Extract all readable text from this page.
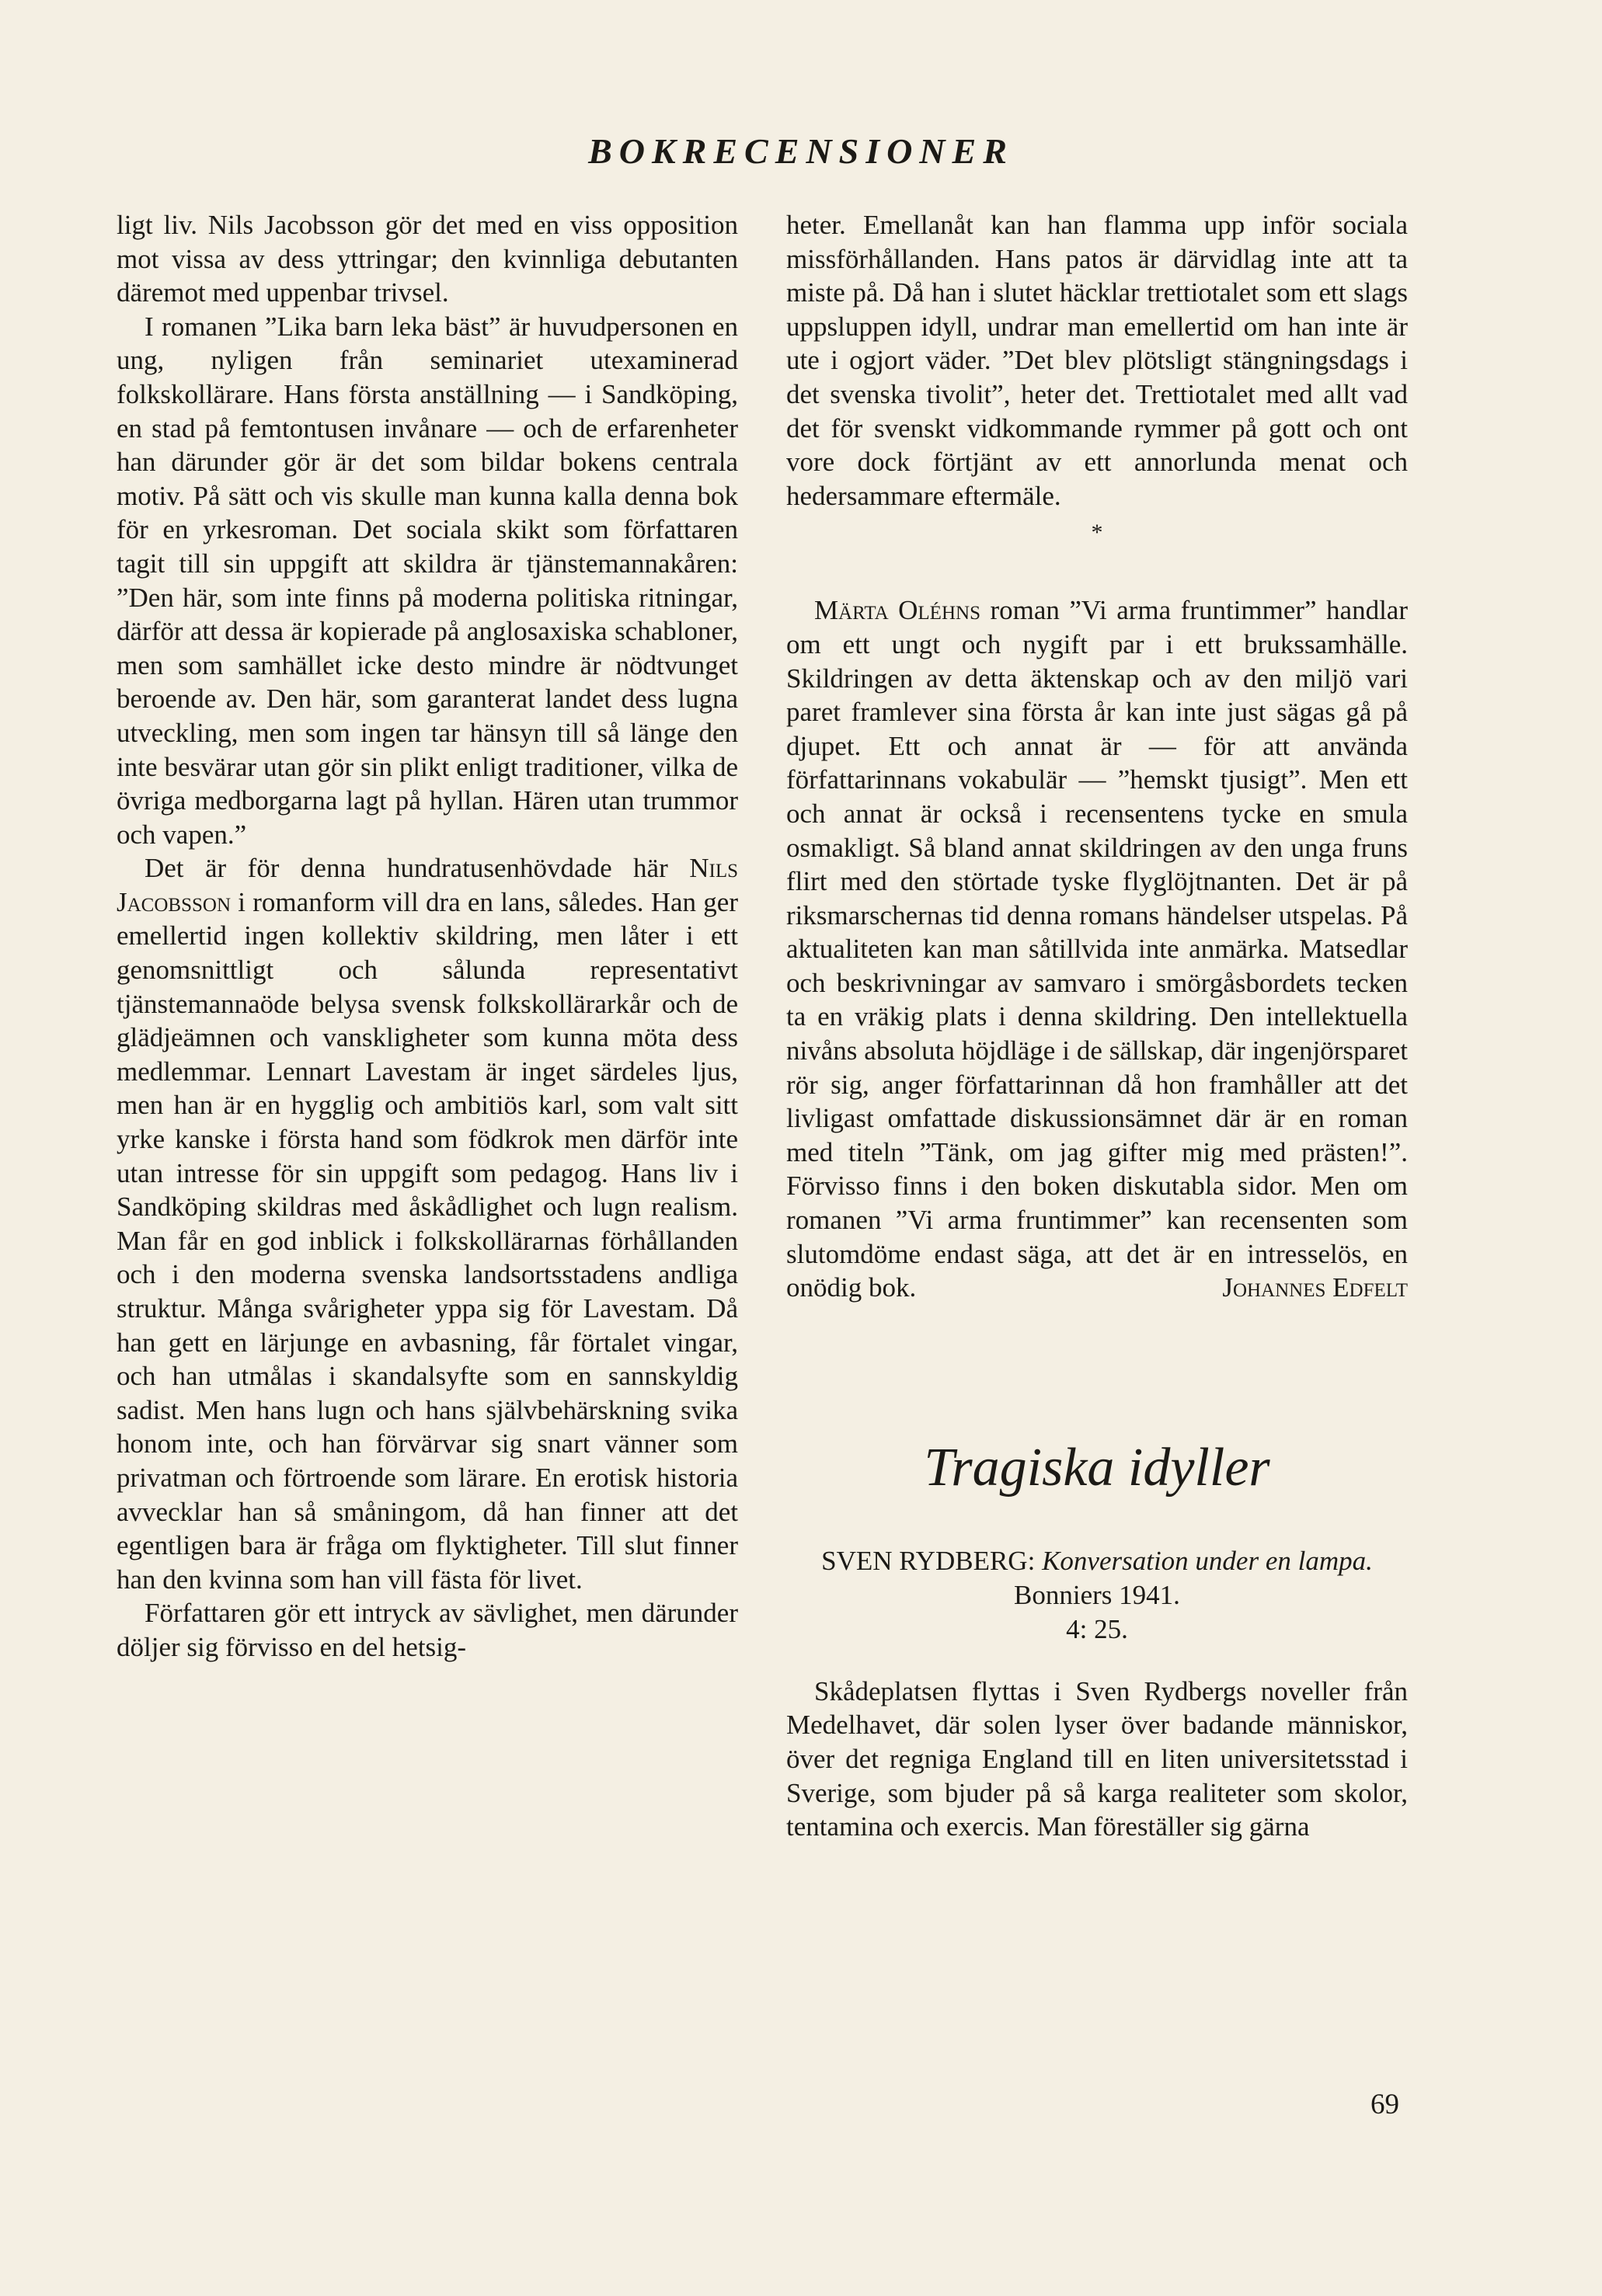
BOKRECENSIONER

ligt liv. Nils Jacobsson gör det med en viss opposition mot vissa av dess yttringar; den kvinnliga debutanten däremot med uppenbar trivsel.

I romanen ”Lika barn leka bäst” är huvudpersonen en ung, nyligen från seminariet utexaminerad folkskollärare. Hans första anställning — i Sandköping, en stad på femtontusen invånare — och de erfarenheter han därunder gör är det som bildar bokens centrala motiv. På sätt och vis skulle man kunna kalla denna bok för en yrkesroman. Det sociala skikt som författaren tagit till sin uppgift att skildra är tjänstemannakåren: ”Den här, som inte finns på moderna politiska ritningar, därför att dessa är kopierade på anglosaxiska schabloner, men som samhället icke desto mindre är nödtvunget beroende av. Den här, som garanterat landet dess lugna utveckling, men som ingen tar hänsyn till så länge den inte besvärar utan gör sin plikt enligt traditioner, vilka de övriga medborgarna lagt på hyllan. Hären utan trummor och vapen.”

Det är för denna hundratusenhövdade här Nils Jacobsson i romanform vill dra en lans, således. Han ger emellertid ingen kollektiv skildring, men låter i ett genomsnittligt och sålunda representativt tjänstemannaöde belysa svensk folkskollärarkår och de glädjeämnen och vanskligheter som kunna möta dess medlemmar. Lennart Lavestam är inget särdeles ljus, men han är en hygglig och ambitiös karl, som valt sitt yrke kanske i första hand som födkrok men därför inte utan intresse för sin uppgift som pedagog. Hans liv i Sandköping skildras med åskådlighet och lugn realism. Man får en god inblick i folkskollärarnas förhållanden och i den moderna svenska landsortsstadens andliga struktur. Många svårigheter yppa sig för Lavestam. Då han gett en lärjunge en avbasning, får förtalet vingar, och han utmålas i skandalsyfte som en sannskyldig sadist. Men hans lugn och hans självbehärskning svika honom inte, och han förvärvar sig snart vänner som privatman och förtroende som lärare. En erotisk historia avvecklar han så småningom, då han finner att det egentligen bara är fråga om flyktigheter. Till slut finner han den kvinna som han vill fästa för livet.

Författaren gör ett intryck av sävlighet, men därunder döljer sig förvisso en del hetsig-

heter. Emellanåt kan han flamma upp inför sociala missförhållanden. Hans patos är därvidlag inte att ta miste på. Då han i slutet häcklar trettiotalet som ett slags uppsluppen idyll, undrar man emellertid om han inte är ute i ogjort väder. ”Det blev plötsligt stängningsdags i det svenska tivolit”, heter det. Trettiotalet med allt vad det för svenskt vidkommande rymmer på gott och ont vore dock förtjänt av ett annorlunda menat och hedersammare eftermäle.

*

Märta Oléhns roman ”Vi arma fruntimmer” handlar om ett ungt och nygift par i ett brukssamhälle. Skildringen av detta äktenskap och av den miljö vari paret framlever sina första år kan inte just sägas gå på djupet. Ett och annat är — för att använda författarinnans vokabulär — ”hemskt tjusigt”. Men ett och annat är också i recensentens tycke en smula osmakligt. Så bland annat skildringen av den unga fruns flirt med den störtade tyske flyglöjtnanten. Det är på riksmarschernas tid denna romans händelser utspelas. På aktualiteten kan man såtillvida inte anmärka. Matsedlar och beskrivningar av samvaro i smörgåsbordets tecken ta en vräkig plats i denna skildring. Den intellektuella nivåns absoluta höjdläge i de sällskap, där ingenjörsparet rör sig, anger författarinnan då hon framhåller att det livligast omfattade diskussionsämnet där är en roman med titeln ”Tänk, om jag gifter mig med prästen!”. Förvisso finns i den boken diskutabla sidor. Men om romanen ”Vi arma fruntimmer” kan recensenten som slutomdöme endast säga, att det är en intresselös, en onödig bok.	Johannes Edfelt

Tragiska idyller
SVEN RYDBERG: Konversation under en lampa. Bonniers 1941.
4: 25.

Skådeplatsen flyttas i Sven Rydbergs noveller från Medelhavet, där solen lyser över badande människor, över det regniga England till en liten universitetsstad i Sverige, som bjuder på så karga realiteter som skolor, tentamina och exercis. Man föreställer sig gärna

69
